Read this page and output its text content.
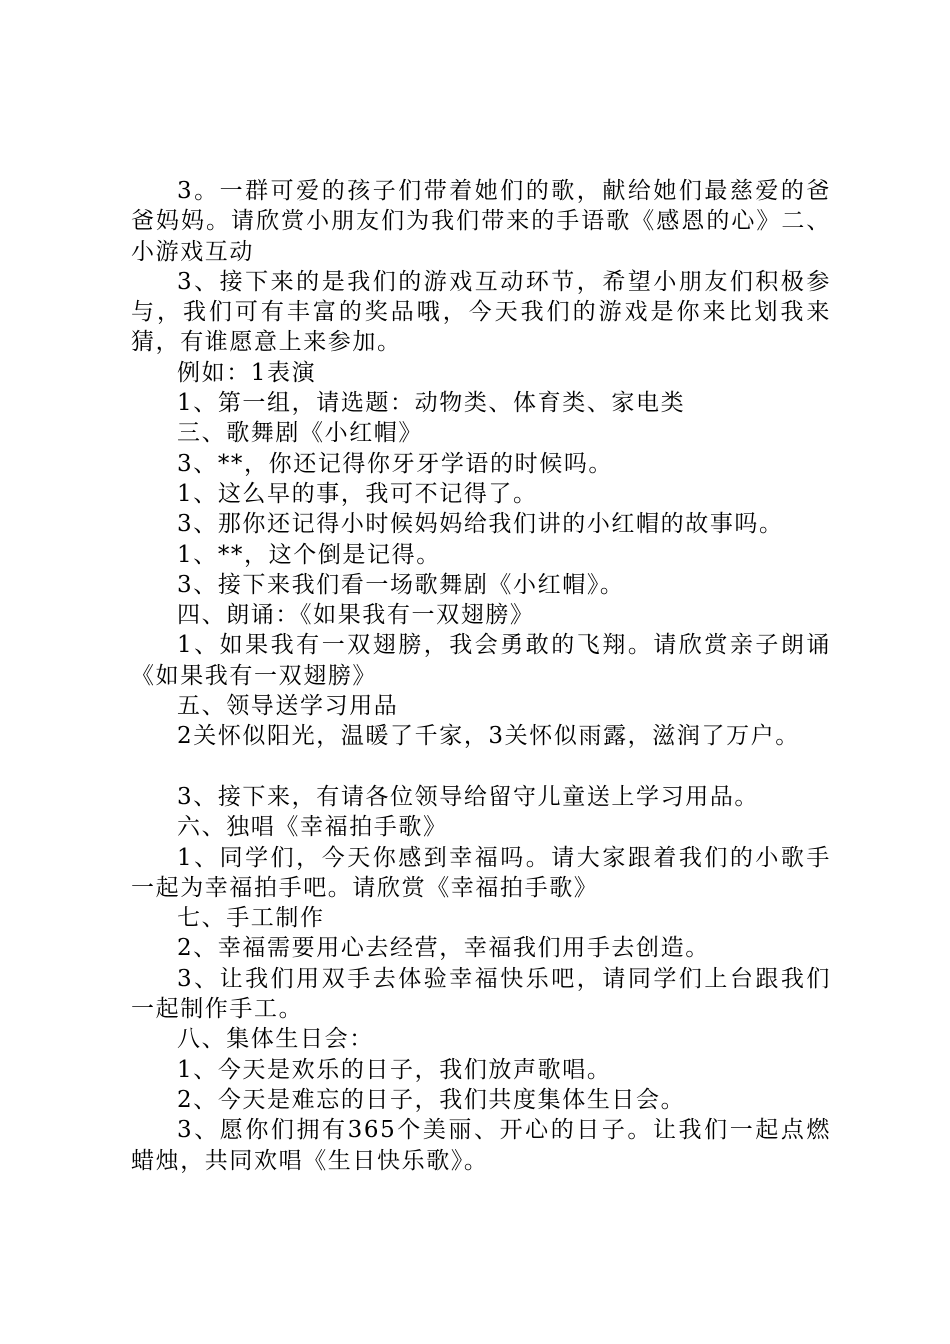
3。一群可爱的孩子们带着她们的歌，献给她们最慈爱的爸爸妈妈。请欣赏小朋友们为我们带来的手语歌《感恩的心》二、小游戏互动

3、接下来的是我们的游戏互动环节，希望小朋友们积极参与，我们可有丰富的奖品哦，今天我们的游戏是你来比划我来猜，有谁愿意上来参加。

例如：1表演

1、第一组，请选题：动物类、体育类、家电类

三、歌舞剧《小红帽》

3、**，你还记得你牙牙学语的时候吗。

1、这么早的事，我可不记得了。

3、那你还记得小时候妈妈给我们讲的小红帽的故事吗。

1、**，这个倒是记得。

3、接下来我们看一场歌舞剧《小红帽》。

四、朗诵：《如果我有一双翅膀》

1、如果我有一双翅膀，我会勇敢的飞翔。请欣赏亲子朗诵《如果我有一双翅膀》

五、领导送学习用品

2关怀似阳光，温暖了千家，3关怀似雨露，滋润了万户。

3、接下来，有请各位领导给留守儿童送上学习用品。

六、独唱《幸福拍手歌》

1、同学们，今天你感到幸福吗。请大家跟着我们的小歌手一起为幸福拍手吧。请欣赏《幸福拍手歌》

七、手工制作

2、幸福需要用心去经营，幸福我们用手去创造。

3、让我们用双手去体验幸福快乐吧，请同学们上台跟我们一起制作手工。

八、集体生日会：

1、今天是欢乐的日子，我们放声歌唱。

2、今天是难忘的日子，我们共度集体生日会。

3、愿你们拥有365个美丽、开心的日子。让我们一起点燃蜡烛，共同欢唱《生日快乐歌》。
